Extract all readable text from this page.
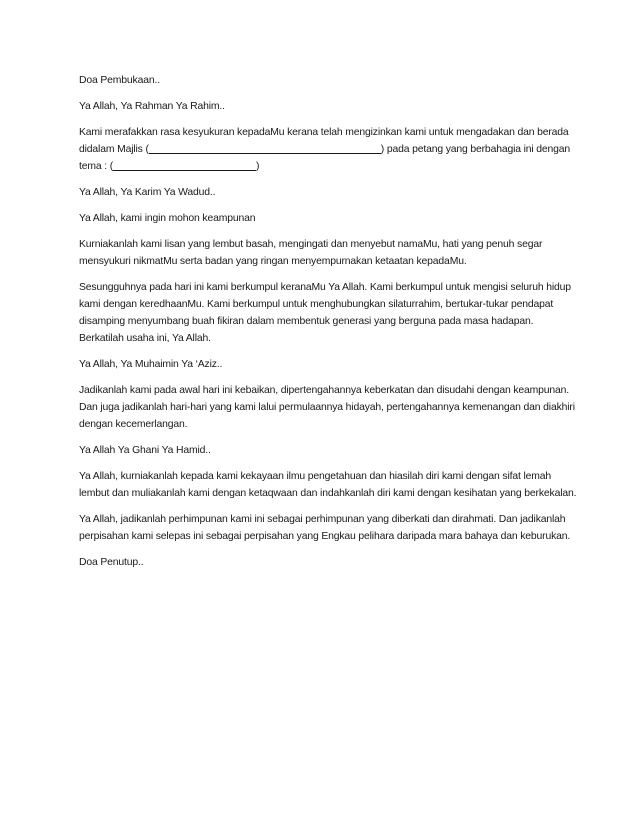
Doa Pembukaan..

Ya Allah, Ya Rahman Ya Rahim..

Kami merafakkan rasa kesyukuran kepadaMu kerana telah mengizinkan kami untuk mengadakan dan berada didalam Majlis (	) pada petang yang berbahagia ini dengan tema : (	)

Ya Allah, Ya Karim Ya Wadud..

Ya Allah, kami ingin mohon keampunan

Kurniakanlah kami lisan yang lembut basah, mengingati dan menyebut namaMu, hati yang penuh segar mensyukuri nikmatMu serta badan yang ringan menyempurnakan ketaatan kepadaMu.

Sesungguhnya pada hari ini kami berkumpul keranaMu Ya Allah. Kami berkumpul untuk mengisi seluruh hidup kami dengan keredhaanMu. Kami berkumpul untuk menghubungkan silaturrahim, bertukar-tukar pendapat disamping menyumbang buah fikiran dalam membentuk generasi yang berguna pada masa hadapan. Berkatilah usaha ini, Ya Allah.

Ya Allah, Ya Muhaimin Ya ‘Aziz..

Jadikanlah kami pada awal hari ini kebaikan, dipertengahannya keberkatan dan disudahi dengan keampunan. Dan juga jadikanlah hari-hari yang kami lalui permulaannya hidayah, pertengahannya kemenangan dan diakhiri dengan kecemerlangan.

Ya Allah Ya Ghani Ya Hamid..

Ya Allah, kurniakanlah kepada kami kekayaan ilmu pengetahuan dan hiasilah diri kami dengan sifat lemah lembut dan muliakanlah kami dengan ketaqwaan dan indahkanlah diri kami dengan kesihatan yang berkekalan.

Ya Allah, jadikanlah perhimpunan kami ini sebagai perhimpunan yang diberkati dan dirahmati. Dan jadikanlah perpisahan kami selepas ini sebagai perpisahan yang Engkau pelihara daripada mara bahaya dan keburukan.

Doa Penutup..
